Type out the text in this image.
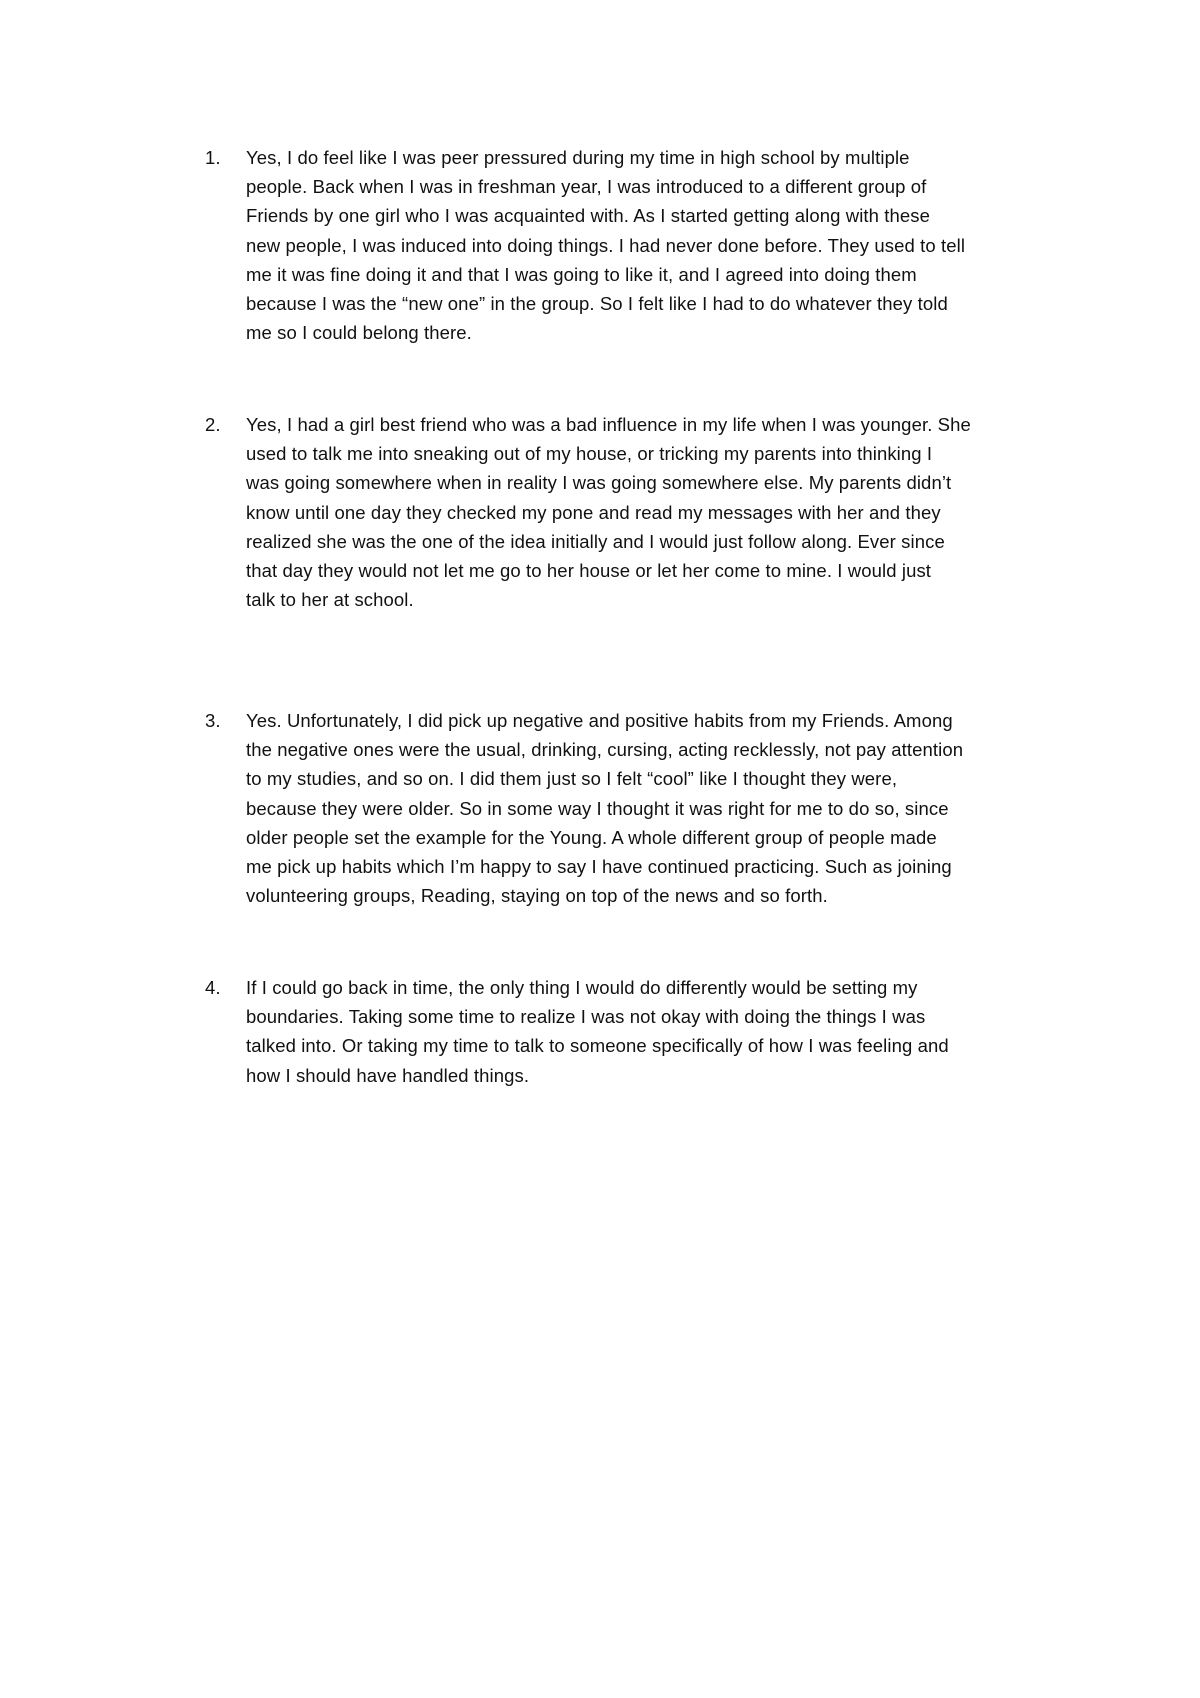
1.	Yes, I do feel like I was peer pressured during my time in high school by multiple
people. Back when I was in freshman year, I was introduced to a different group of
Friends by one girl who I was acquainted with. As I started getting along with these
new people, I was induced into doing things. I had never done before. They used to tell
me it was fine doing it and that I was going to like it, and I agreed into doing them
because I was the “new one” in the group. So I felt like I had to do whatever they told
me so I could belong there.
2.	Yes, I had a girl best friend who was a bad influence in my life when I was younger. She
used to talk me into sneaking out of my house, or tricking my parents into thinking I
was going somewhere when in reality I was going somewhere else. My parents didn’t
know until one day they checked my pone and read my messages with her and they
realized she was the one of the idea initially and I would just follow along. Ever since
that day they would not let me go to her house or let her come to mine. I would just
talk to her at school.
3.	Yes. Unfortunately, I did pick up negative and positive habits from my Friends. Among
the negative ones were the usual, drinking, cursing, acting recklessly, not pay attention
to my studies, and so on. I did them just so I felt “cool” like I thought they were,
because they were older. So in some way I thought it was right for me to do so, since
older people set the example for the Young. A whole different group of people made
me pick up habits which I’m happy to say I have continued practicing. Such as joining
volunteering groups, Reading, staying on top of the news and so forth.
4.	If I could go back in time, the only thing I would do differently would be setting my
boundaries. Taking some time to realize I was not okay with doing the things I was
talked into. Or taking my time to talk to someone specifically of how I was feeling and
how I should have handled things.
